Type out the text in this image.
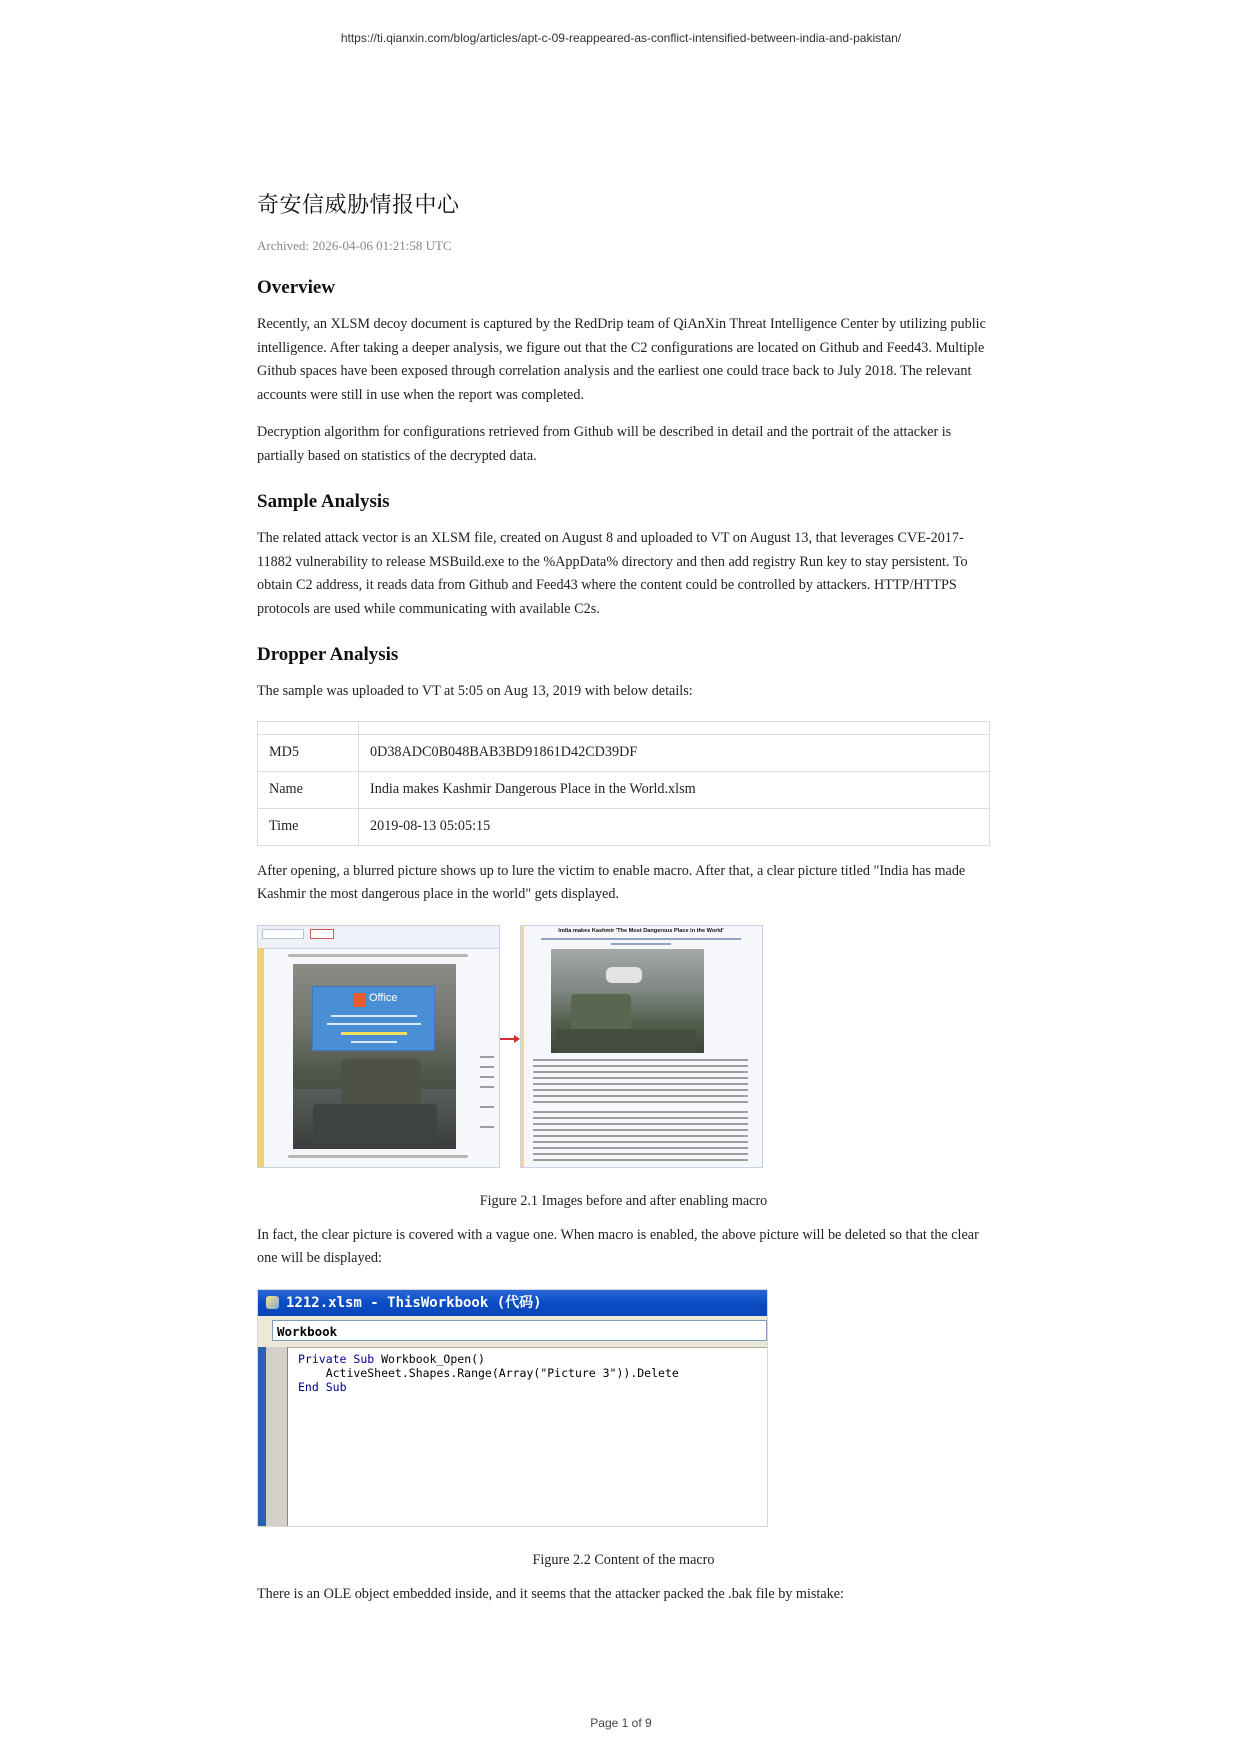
https://ti.qianxin.com/blog/articles/apt-c-09-reappeared-as-conflict-intensified-between-india-and-pakistan/
奇安信威胁情报中心
Archived: 2026-04-06 01:21:58 UTC
Overview

Recently, an XLSM decoy document is captured by the RedDrip team of QiAnXin Threat Intelligence Center by utilizing public intelligence. After taking a deeper analysis, we figure out that the C2 configurations are located on Github and Feed43. Multiple Github spaces have been exposed through correlation analysis and the earliest one could trace back to July 2018. The relevant accounts were still in use when the report was completed.

Decryption algorithm for configurations retrieved from Github will be described in detail and the portrait of the attacker is partially based on statistics of the decrypted data.

Sample Analysis

The related attack vector is an XLSM file, created on August 8 and uploaded to VT on August 13, that leverages CVE-2017-11882 vulnerability to release MSBuild.exe to the %AppData% directory and then add registry Run key to stay persistent. To obtain C2 address, it reads data from Github and Feed43 where the content could be controlled by attackers. HTTP/HTTPS protocols are used while communicating with available C2s.

Dropper Analysis

The sample was uploaded to VT at 5:05 on Aug 13, 2019 with below details:

MD5	0D38ADC0B048BAB3BD91861D42CD39DF
Name	India makes Kashmir Dangerous Place in the World.xlsm
Time	2019-08-13 05:05:15

After opening, a blurred picture shows up to lure the victim to enable macro. After that, a clear picture titled "India has made Kashmir the most dangerous place in the world" gets displayed.

Office
India makes Kashmir 'The Most Dangerous Place in the World'
Figure 2.1 Images before and after enabling macro

In fact, the clear picture is covered with a vague one. When macro is enabled, the above picture will be deleted so that the clear one will be displayed:

1212.xlsm - ThisWorkbook (代码)
Workbook
Private Sub Workbook_Open()
ActiveSheet.Shapes.Range(Array("Picture 3")).Delete
End Sub
Figure 2.2 Content of the macro

There is an OLE object embedded inside, and it seems that the attacker packed the .bak file by mistake:

Page 1 of 9
